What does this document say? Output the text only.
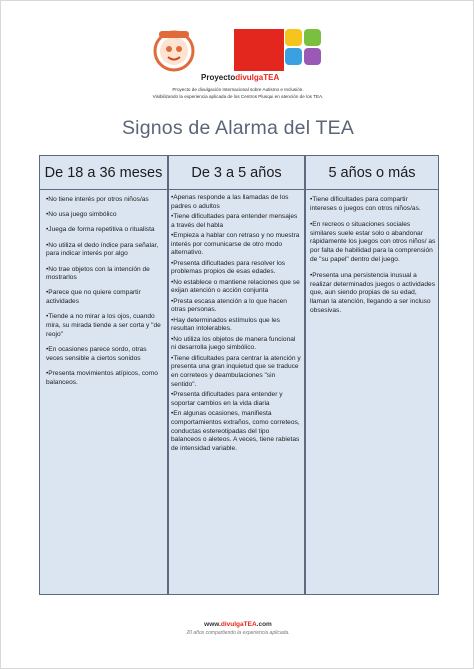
ProyectodivulgaTEA
Proyecto de divulgación Internacional sobre Autismo e Inclusión.
Visibilizando la experiencia aplicada de los Centros Plusqui en atención de los TEA.
Signos de Alarma del TEA
De 18 a 36 meses	De 3 a 5 años	5 años o más
•No tiene interés por otros niños/as
•No usa juego simbólico
•Juega de forma repetitiva o ritualista
•No utiliza el dedo índice para señalar, para indicar interés por algo
•No trae objetos con la intención de mostrarlos
•Parece que no quiere compartir actividades
•Tiende a no mirar a los ojos, cuando mira, su mirada tiende a ser corta y "de reojo"
•En ocasiones parece sordo, otras veces sensible a ciertos sonidos
•Presenta movimientos atípicos, como balanceos.
•Apenas responde a las llamadas de los padres o adultos
•Tiene dificultades para entender mensajes a través del habla
•Empieza a hablar con retraso y no muestra interés por comunicarse de otro modo alternativo.
•Presenta dificultades para resolver los problemas propios de esas edades.
•No establece o mantiene relaciones que se exijan atención o acción conjunta
•Presta escasa atención a lo que hacen otras personas.
•Hay determinados estímulos que les resultan intolerables.
•No utiliza los objetos de manera funcional ni desarrolla juego simbólico.
•Tiene dificultades para centrar la atención y presenta una gran inquietud que se traduce en correteos y deambulaciones "sin sentido".
•Presenta dificultades para entender y soportar cambios en la vida diaria
•En algunas ocasiones, manifiesta comportamientos extraños, como correteos, conductas estereotipadas del tipo balanceos o aleteos. A veces, tiene rabietas de intensidad variable.
•Tiene dificultades para compartir intereses o juegos con otros niños/as.
•En recreos o situaciones sociales similares suele estar solo o abandonar rápidamente los juegos con otros niños/ as por falta de habilidad para la comprensión de "su papel" dentro del juego.
•Presenta una persistencia inusual a realizar determinados juegos o actividades que, aun siendo propias de su edad, llaman la atención, llegando a ser incluso obsesivas.
www.divulgaTEA.com
20 años compartiendo la experiencia aplicada.
